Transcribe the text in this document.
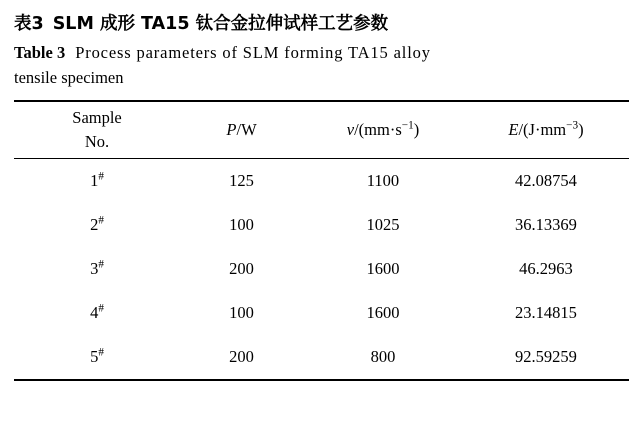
表3 SLM 成形 TA15 钛合金拉伸试样工艺参数
Table 3 Process parameters of SLM forming TA15 alloy
tensile specimen

Sample
No.	P/W	$v/(mm\cdot s^{-1})$	$E/(J\cdot mm^{-3})$

1#	125	1100	42.08754
2#	100	1025	36.13369
3#	200	1600	46.2963
4#	100	1600	23.14815
5#	200	800	92.59259
